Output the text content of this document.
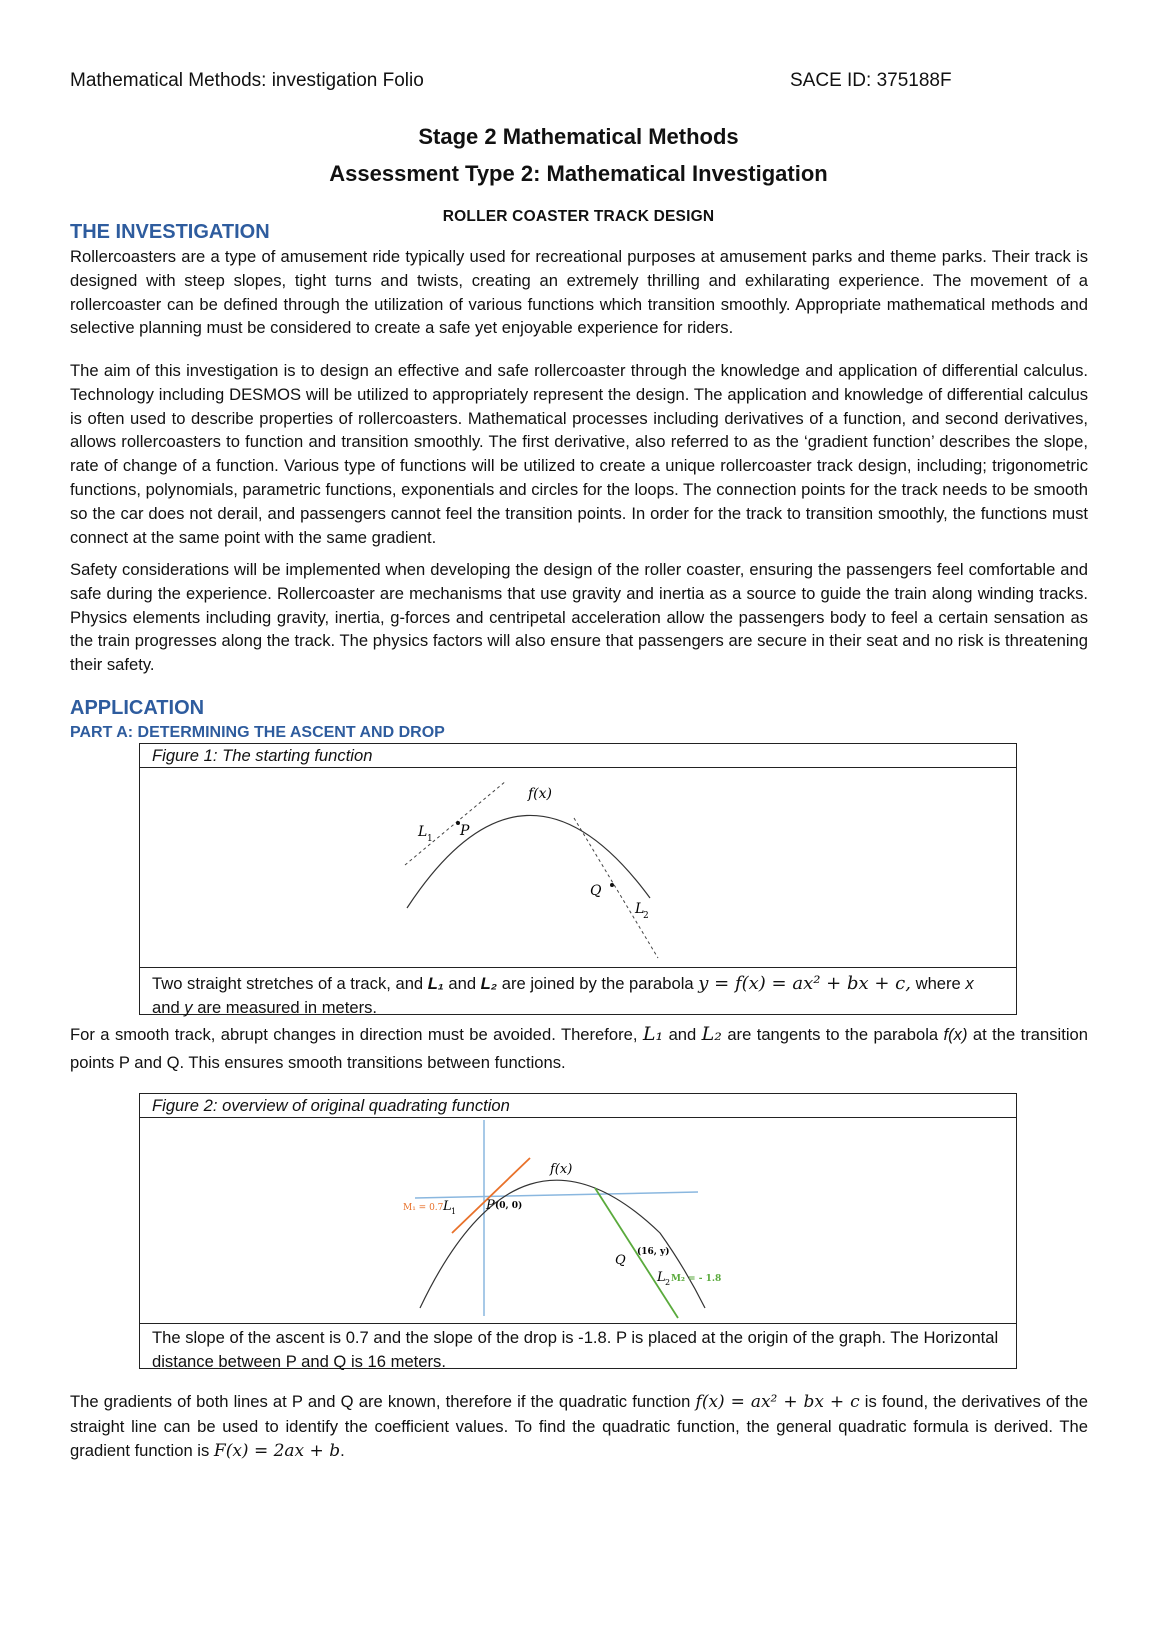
Mathematical Methods: investigation Folio	SACE ID: 375188F
Stage 2 Mathematical Methods
Assessment Type 2: Mathematical Investigation
ROLLER COASTER TRACK DESIGN
THE INVESTIGATION
Rollercoasters are a type of amusement ride typically used for recreational purposes at amusement parks and theme parks. Their track is designed with steep slopes, tight turns and twists, creating an extremely thrilling and exhilarating experience. The movement of a rollercoaster can be defined through the utilization of various functions which transition smoothly. Appropriate mathematical methods and selective planning must be considered to create a safe yet enjoyable experience for riders.
The aim of this investigation is to design an effective and safe rollercoaster through the knowledge and application of differential calculus. Technology including DESMOS will be utilized to appropriately represent the design. The application and knowledge of differential calculus is often used to describe properties of rollercoasters. Mathematical processes including derivatives of a function, and second derivatives, allows rollercoasters to function and transition smoothly. The first derivative, also referred to as the ‘gradient function’ describes the slope, rate of change of a function. Various type of functions will be utilized to create a unique rollercoaster track design, including; trigonometric functions, polynomials, parametric functions, exponentials and circles for the loops. The connection points for the track needs to be smooth so the car does not derail, and passengers cannot feel the transition points. In order for the track to transition smoothly, the functions must connect at the same point with the same gradient.
Safety considerations will be implemented when developing the design of the roller coaster, ensuring the passengers feel comfortable and safe during the experience. Rollercoaster are mechanisms that use gravity and inertia as a source to guide the train along winding tracks. Physics elements including gravity, inertia, g-forces and centripetal acceleration allow the passengers body to feel a certain sensation as the train progresses along the track. The physics factors will also ensure that passengers are secure in their seat and no risk is threatening their safety.
APPLICATION
PART A: DETERMINING THE ASCENT AND DROP
Figure 1: The starting function
f(x)
L 1 P
Q
L
2
Two straight stretches of a track, and L₁ and L₂ are joined by the parabola y = f(x) = ax² + bx + c, where x
and y are measured in meters.
For a smooth track, abrupt changes in direction must be avoided. Therefore, L₁ and L₂ are tangents to the parabola f(x) at the transition points P and Q. This ensures smooth transitions between functions.
Figure 2: overview of original quadrating function
f(x)
M₁ = 0.7 L 1 P (0, 0)
Q
(16, y)
L 2 M₂ = - 1.8
The slope of the ascent is 0.7 and the slope of the drop is -1.8. P is placed at the origin of the graph. The Horizontal distance between P and Q is 16 meters.
The gradients of both lines at P and Q are known, therefore if the quadratic function f(x) = ax² + bx + c is found, the derivatives of the straight line can be used to identify the coefficient values. To find the quadratic function, the general quadratic formula is derived. The gradient function is F(x) = 2ax + b.
